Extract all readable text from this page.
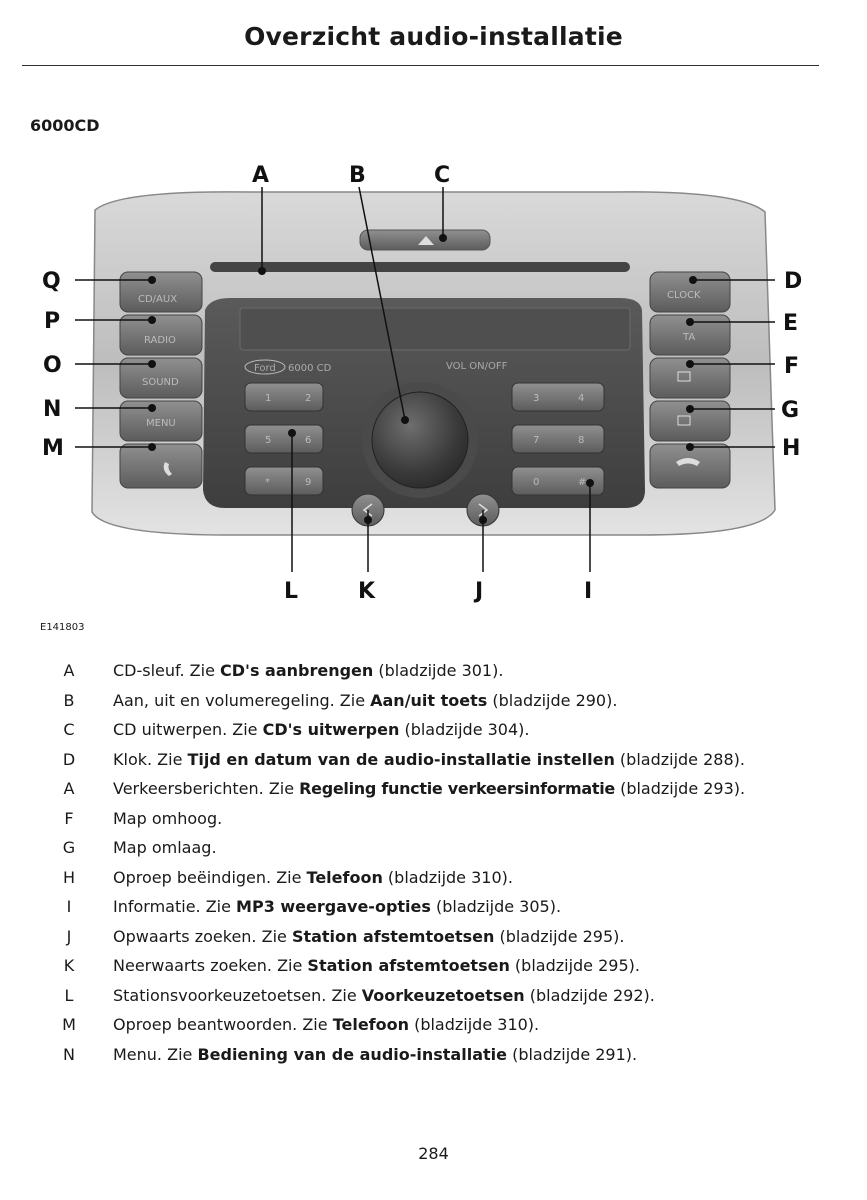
Overzicht audio-installatie
6000CD
CD/AUX
RADIO
SOUND
MENU
CLOCK
TA
Ford 6000 CD	VOL ON/OFF
1	2
5	6
*	9
3	4
7	8
0	#
A	B	C
D
E
F
G
H
I
J
K
L
M
N
O
P
Q
E141803
A CD-sleuf. Zie CD's aanbrengen (bladzijde 301).
B Aan, uit en volumeregeling. Zie Aan/uit toets (bladzijde 290).
C CD uitwerpen. Zie CD's uitwerpen (bladzijde 304).
D Klok. Zie Tijd en datum van de audio-installatie instellen (bladzijde 288).
A Verkeersberichten. Zie Regeling functie verkeersinformatie (bladzijde 293).
F Map omhoog.
G Map omlaag.
H Oproep beëindigen. Zie Telefoon (bladzijde 310).
I	Informatie. Zie MP3 weergave-opties (bladzijde 305).
J	Opwaarts zoeken. Zie Station afstemtoetsen (bladzijde 295).
K Neerwaarts zoeken. Zie Station afstemtoetsen (bladzijde 295).
L Stationsvoorkeuzetoetsen. Zie Voorkeuzetoetsen (bladzijde 292).
M Oproep beantwoorden. Zie Telefoon (bladzijde 310).
N Menu. Zie Bediening van de audio-installatie (bladzijde 291).
284
